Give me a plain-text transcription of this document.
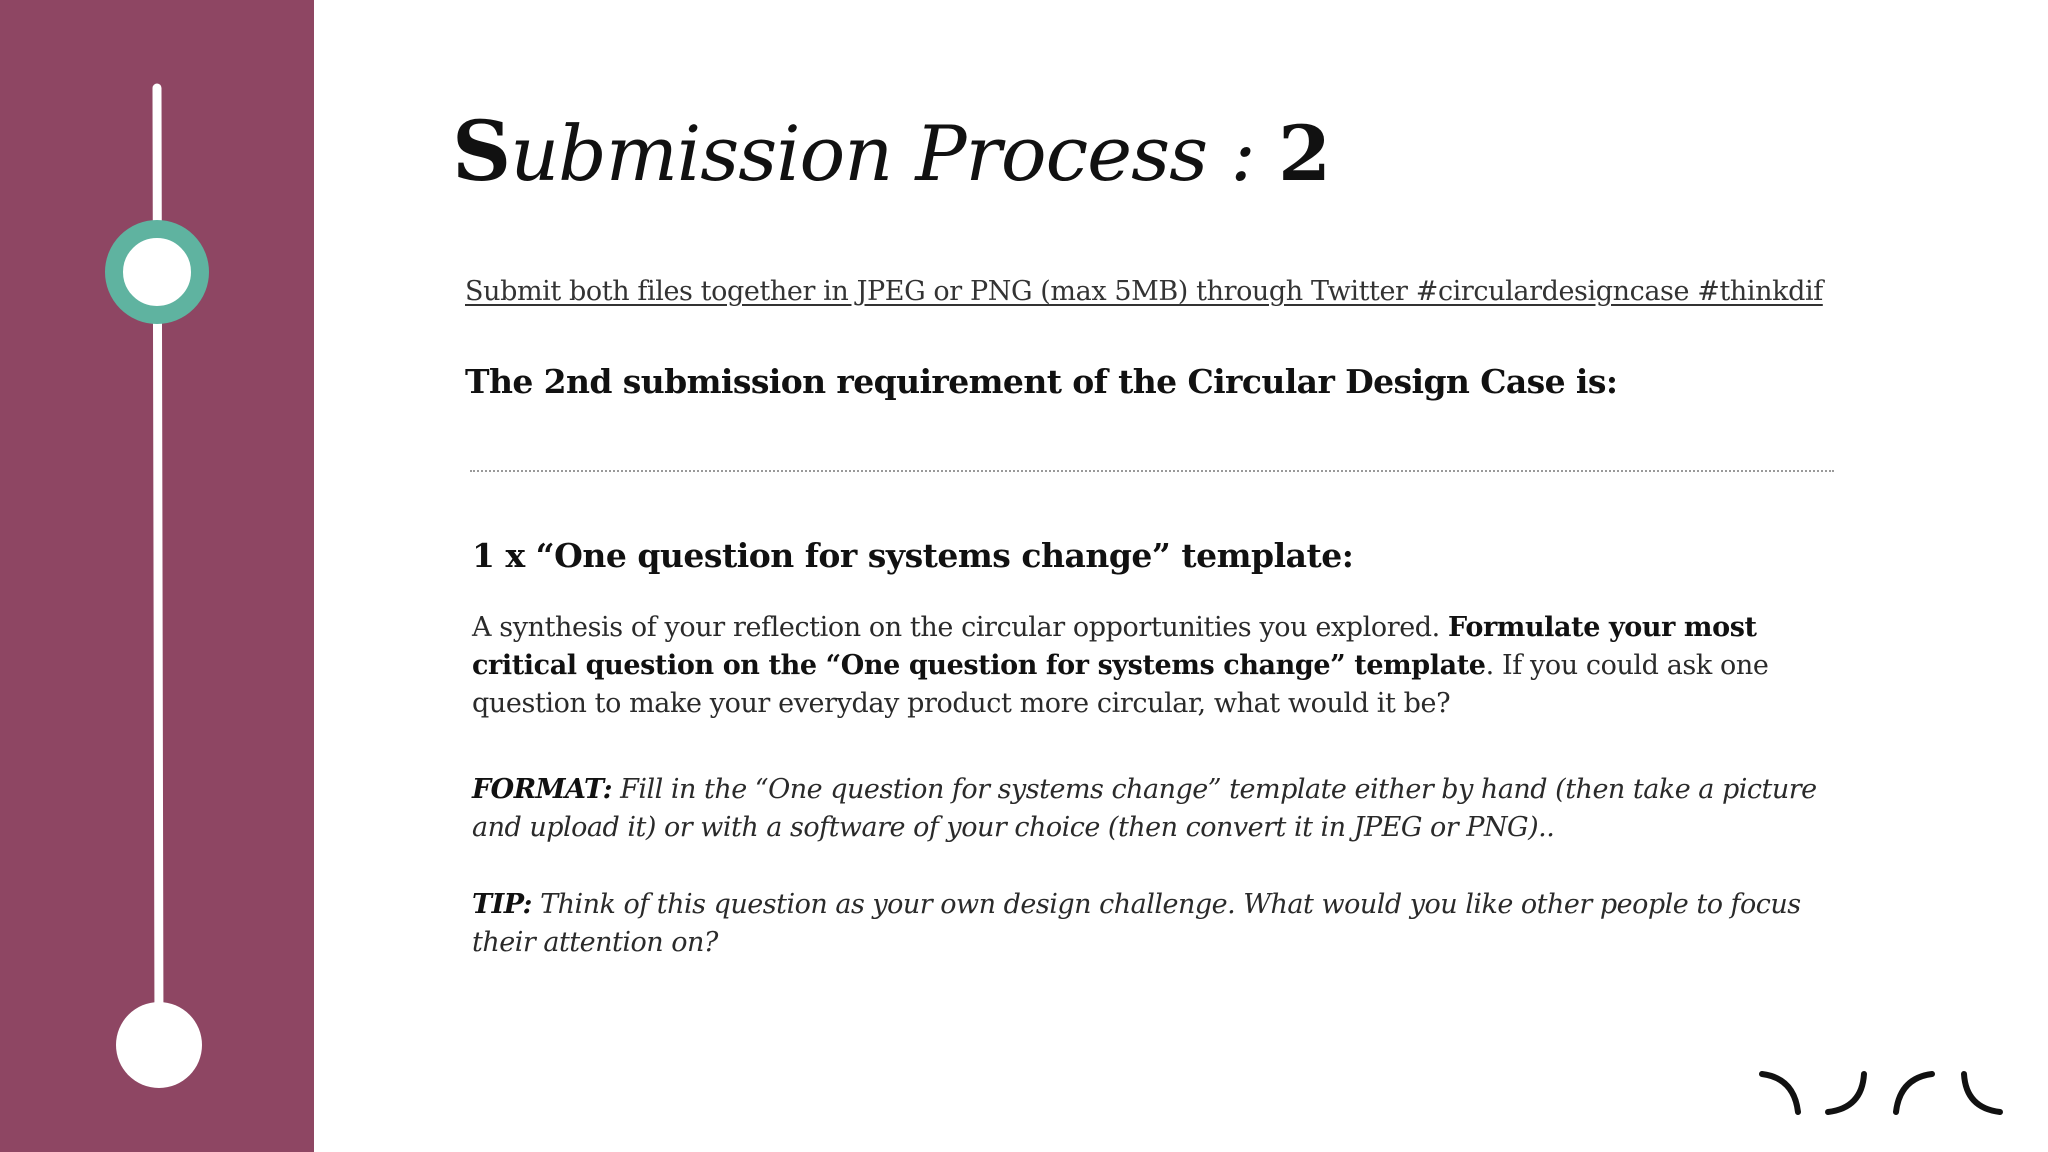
Submission Process : 2
Submit both files together in JPEG or PNG (max 5MB) through Twitter #circulardesigncase #thinkdif
The 2nd submission requirement of the Circular Design Case is:
1 x “One question for systems change” template:
A synthesis of your reflection on the circular opportunities you explored. Formulate your most critical question on the “One question for systems change” template. If you could ask one question to make your everyday product more circular, what would it be?
FORMAT: Fill in the “One question for systems change” template either by hand (then take a picture and upload it) or with a software of your choice (then convert it in JPEG or PNG)..
TIP: Think of this question as your own design challenge. What would you like other people to focus their attention on?
